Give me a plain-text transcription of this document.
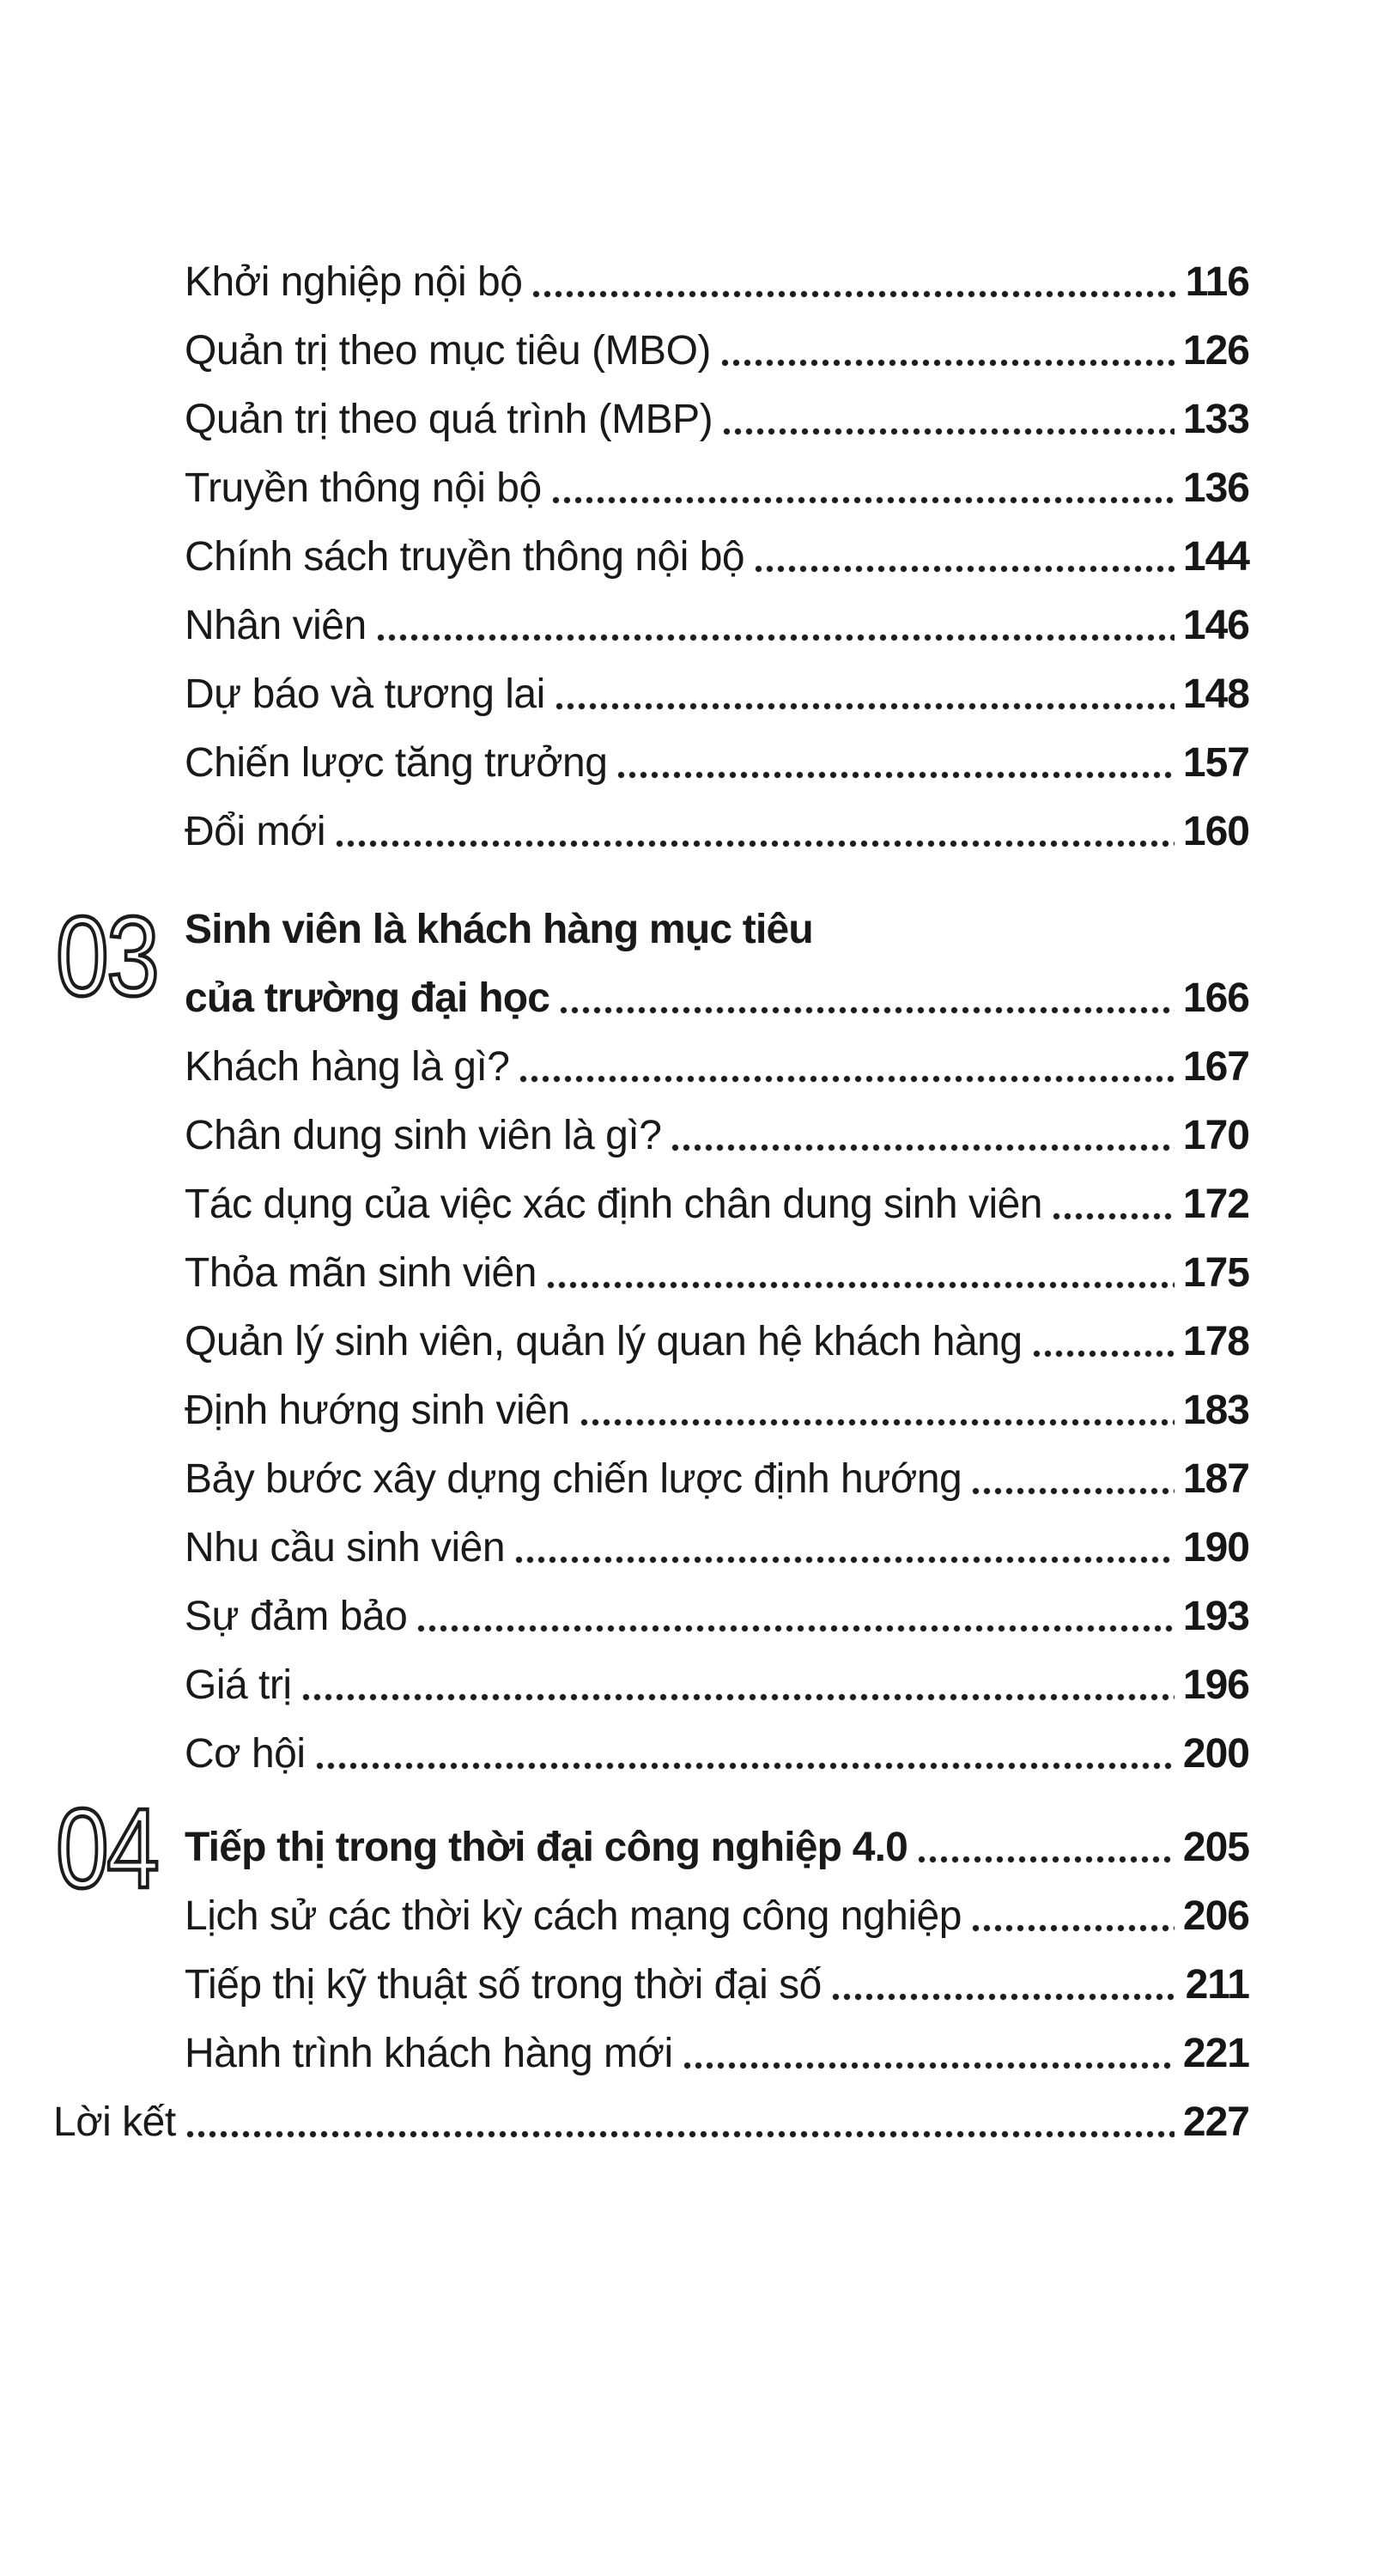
Khởi nghiệp nội bộ	116
Quản trị theo mục tiêu (MBO)	126
Quản trị theo quá trình (MBP)	133
Truyền thông nội bộ	136
Chính sách truyền thông nội bộ	144
Nhân viên	146
Dự báo và tương lai	148
Chiến lược tăng trưởng	157
Đổi mới	160
03 Sinh viên là khách hàng mục tiêu
của trường đại học	166
Khách hàng là gì?	167
Chân dung sinh viên là gì?	170
Tác dụng của việc xác định chân dung sinh viên	172
Thỏa mãn sinh viên	175
Quản lý sinh viên, quản lý quan hệ khách hàng	178
Định hướng sinh viên	183
Bảy bước xây dựng chiến lược định hướng	187
Nhu cầu sinh viên	190
Sự đảm bảo	193
Giá trị	196
Cơ hội	200
04 Tiếp thị trong thời đại công nghiệp 4.0	205
Lịch sử các thời kỳ cách mạng công nghiệp	206
Tiếp thị kỹ thuật số trong thời đại số	211
Hành trình khách hàng mới	221
Lời kết	227
